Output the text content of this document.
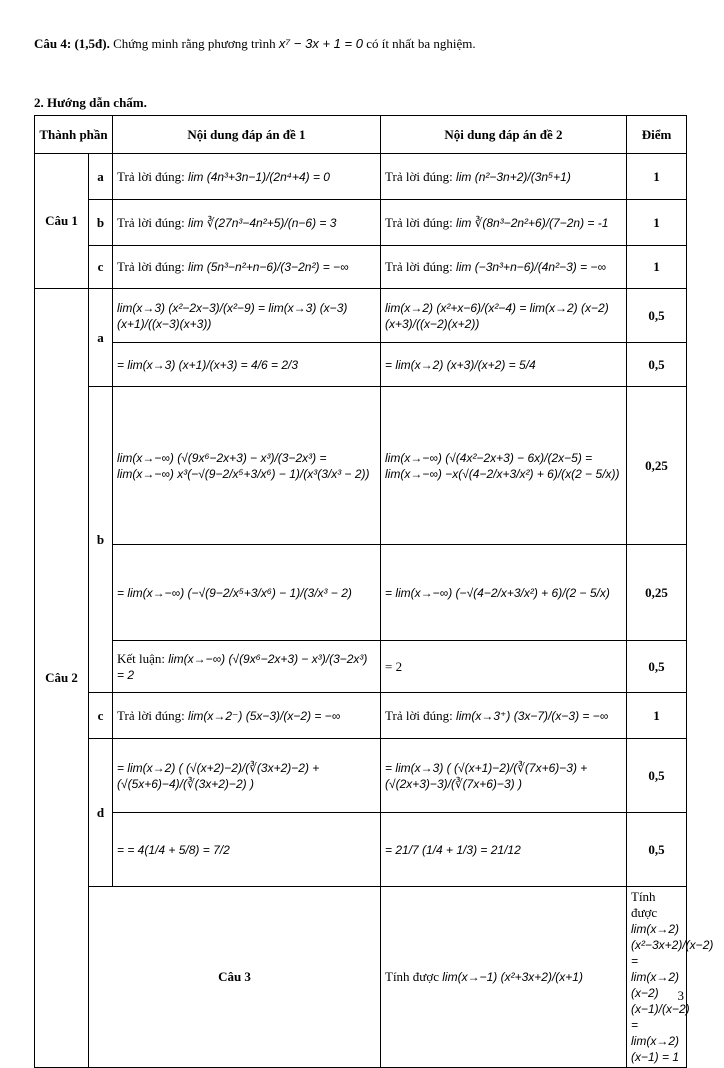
Câu 4: (1,5đ). Chứng minh rằng phương trình x⁷ − 3x + 1 = 0 có ít nhất ba nghiệm.
2. Hướng dẫn chấm.
Thành phần		Nội dung đáp án đề 1	Nội dung đáp án đề 2	Điểm	
Câu 1	a	Trả lời đúng: lim (4n³+3n−1)/(2n⁴+4) = 0	Trả lời đúng: lim (n²−3n+2)/(3n⁵+1)	1	
	b	Trả lời đúng: lim ∛(27n³−4n²+5)/(n−6) = 3	Trả lời đúng: lim ∛(8n³−2n²+6)/(7−2n) = -1	1	
	c	Trả lời đúng: lim (5n³−n²+n−6)/(3−2n²) = −∞	Trả lời đúng: lim (−3n³+n−6)/(4n²−3) = −∞	1	
Câu 2	a	lim(x→3) (x²−2x−3)/(x²−9) = lim(x→3) (x−3)(x+1)/((x−3)(x+3))	lim(x→2) (x²+x−6)/(x²−4) = lim(x→2) (x−2)(x+3)/((x−2)(x+2))	0,5	
		= lim(x→3) (x+1)/(x+3) = 4/6 = 2/3	= lim(x→2) (x+3)/(x+2) = 5/4	0,5	
	b	lim(x→−∞) (√(9x⁶−2x+3) − x³)/(3−2x³) = lim(x→−∞) x³(−√(9−2/x⁵+3/x⁶) − 1)/(x³(3/x³ − 2))	lim(x→−∞) (√(4x²−2x+3) − 6x)/(2x−5) = lim(x→−∞) −x(√(4−2/x+3/x²) + 6)/(x(2 − 5/x))	0,25	
		= lim(x→−∞) (−√(9−2/x⁵+3/x⁶) − 1)/(3/x³ − 2)	= lim(x→−∞) (−√(4−2/x+3/x²) + 6)/(2 − 5/x)	0,25	
		Kết luận: lim(x→−∞) (√(9x⁶−2x+3) − x³)/(3−2x³) = 2	= 2	0,5	
	c	Trả lời đúng: lim(x→2⁻) (5x−3)/(x−2) = −∞	Trả lời đúng: lim(x→3⁺) (3x−7)/(x−3) = −∞	1	
	d	= lim(x→2) ( (√(x+2)−2)/(∛(3x+2)−2) + (√(5x+6)−4)/(∛(3x+2)−2) )	= lim(x→3) ( (√(x+1)−2)/(∛(7x+6)−3) + (√(2x+3)−3)/(∛(7x+6)−3) )	0,5	
		= = 4(1/4 + 5/8) = 7/2	= 21/7 (1/4 + 1/3) = 21/12	0,5	
	Câu 3		Tính được lim(x→−1) (x²+3x+2)/(x+1)	Tính được lim(x→2) (x²−3x+2)/(x−2) = lim(x→2) (x−2)(x−1)/(x−2) = lim(x→2) (x−1) = 1	
3
